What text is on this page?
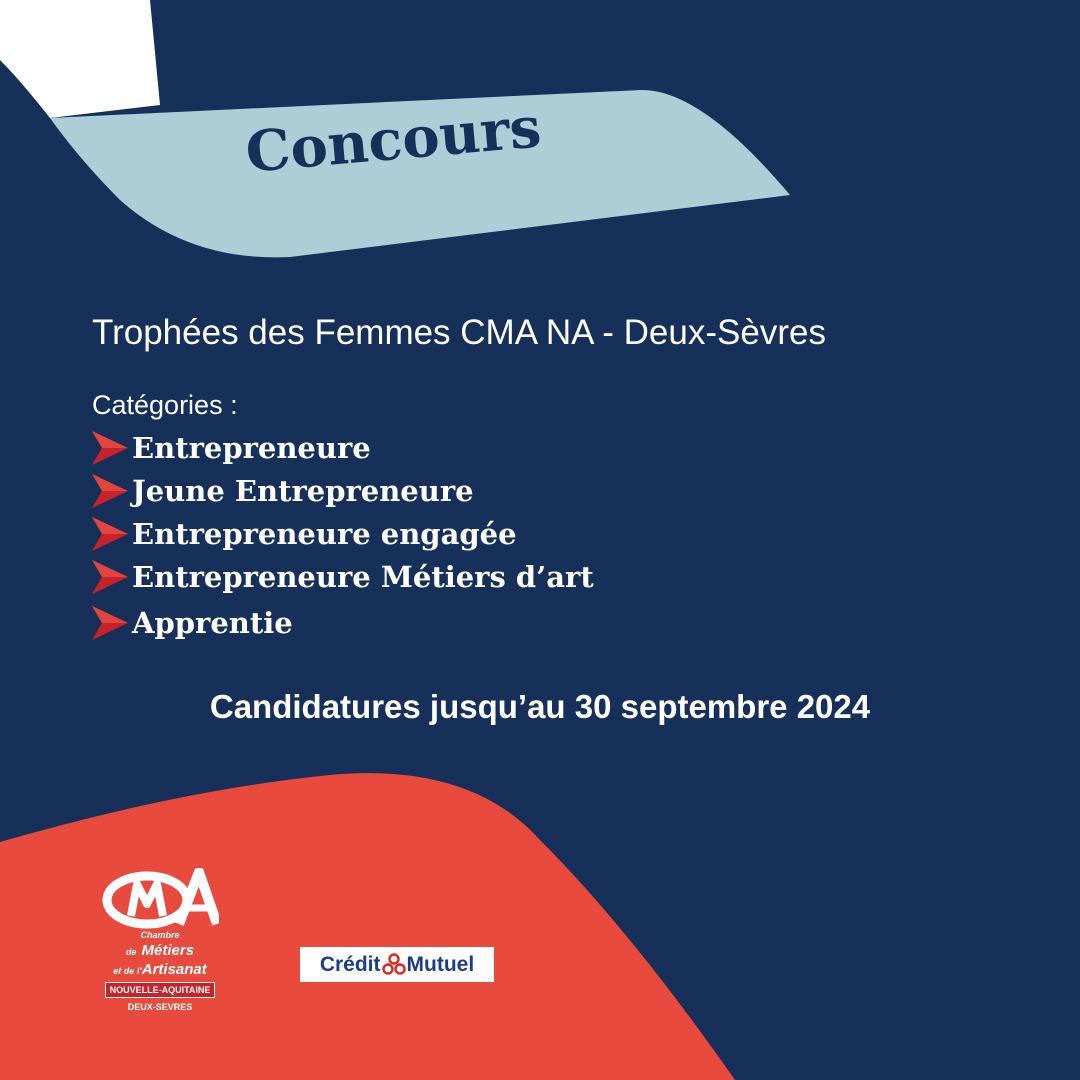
Concours
Trophées des Femmes CMA NA - Deux-Sèvres
Catégories :
Entrepreneure
Jeune Entrepreneure
Entrepreneure engagée
Entrepreneure Métiers d’art
Apprentie
Candidatures jusqu’au 30 septembre 2024
Chambre
de Métiers
et de l’Artisanat
NOUVELLE-AQUITAINE
DEUX-SEVRES
Crédit Mutuel
